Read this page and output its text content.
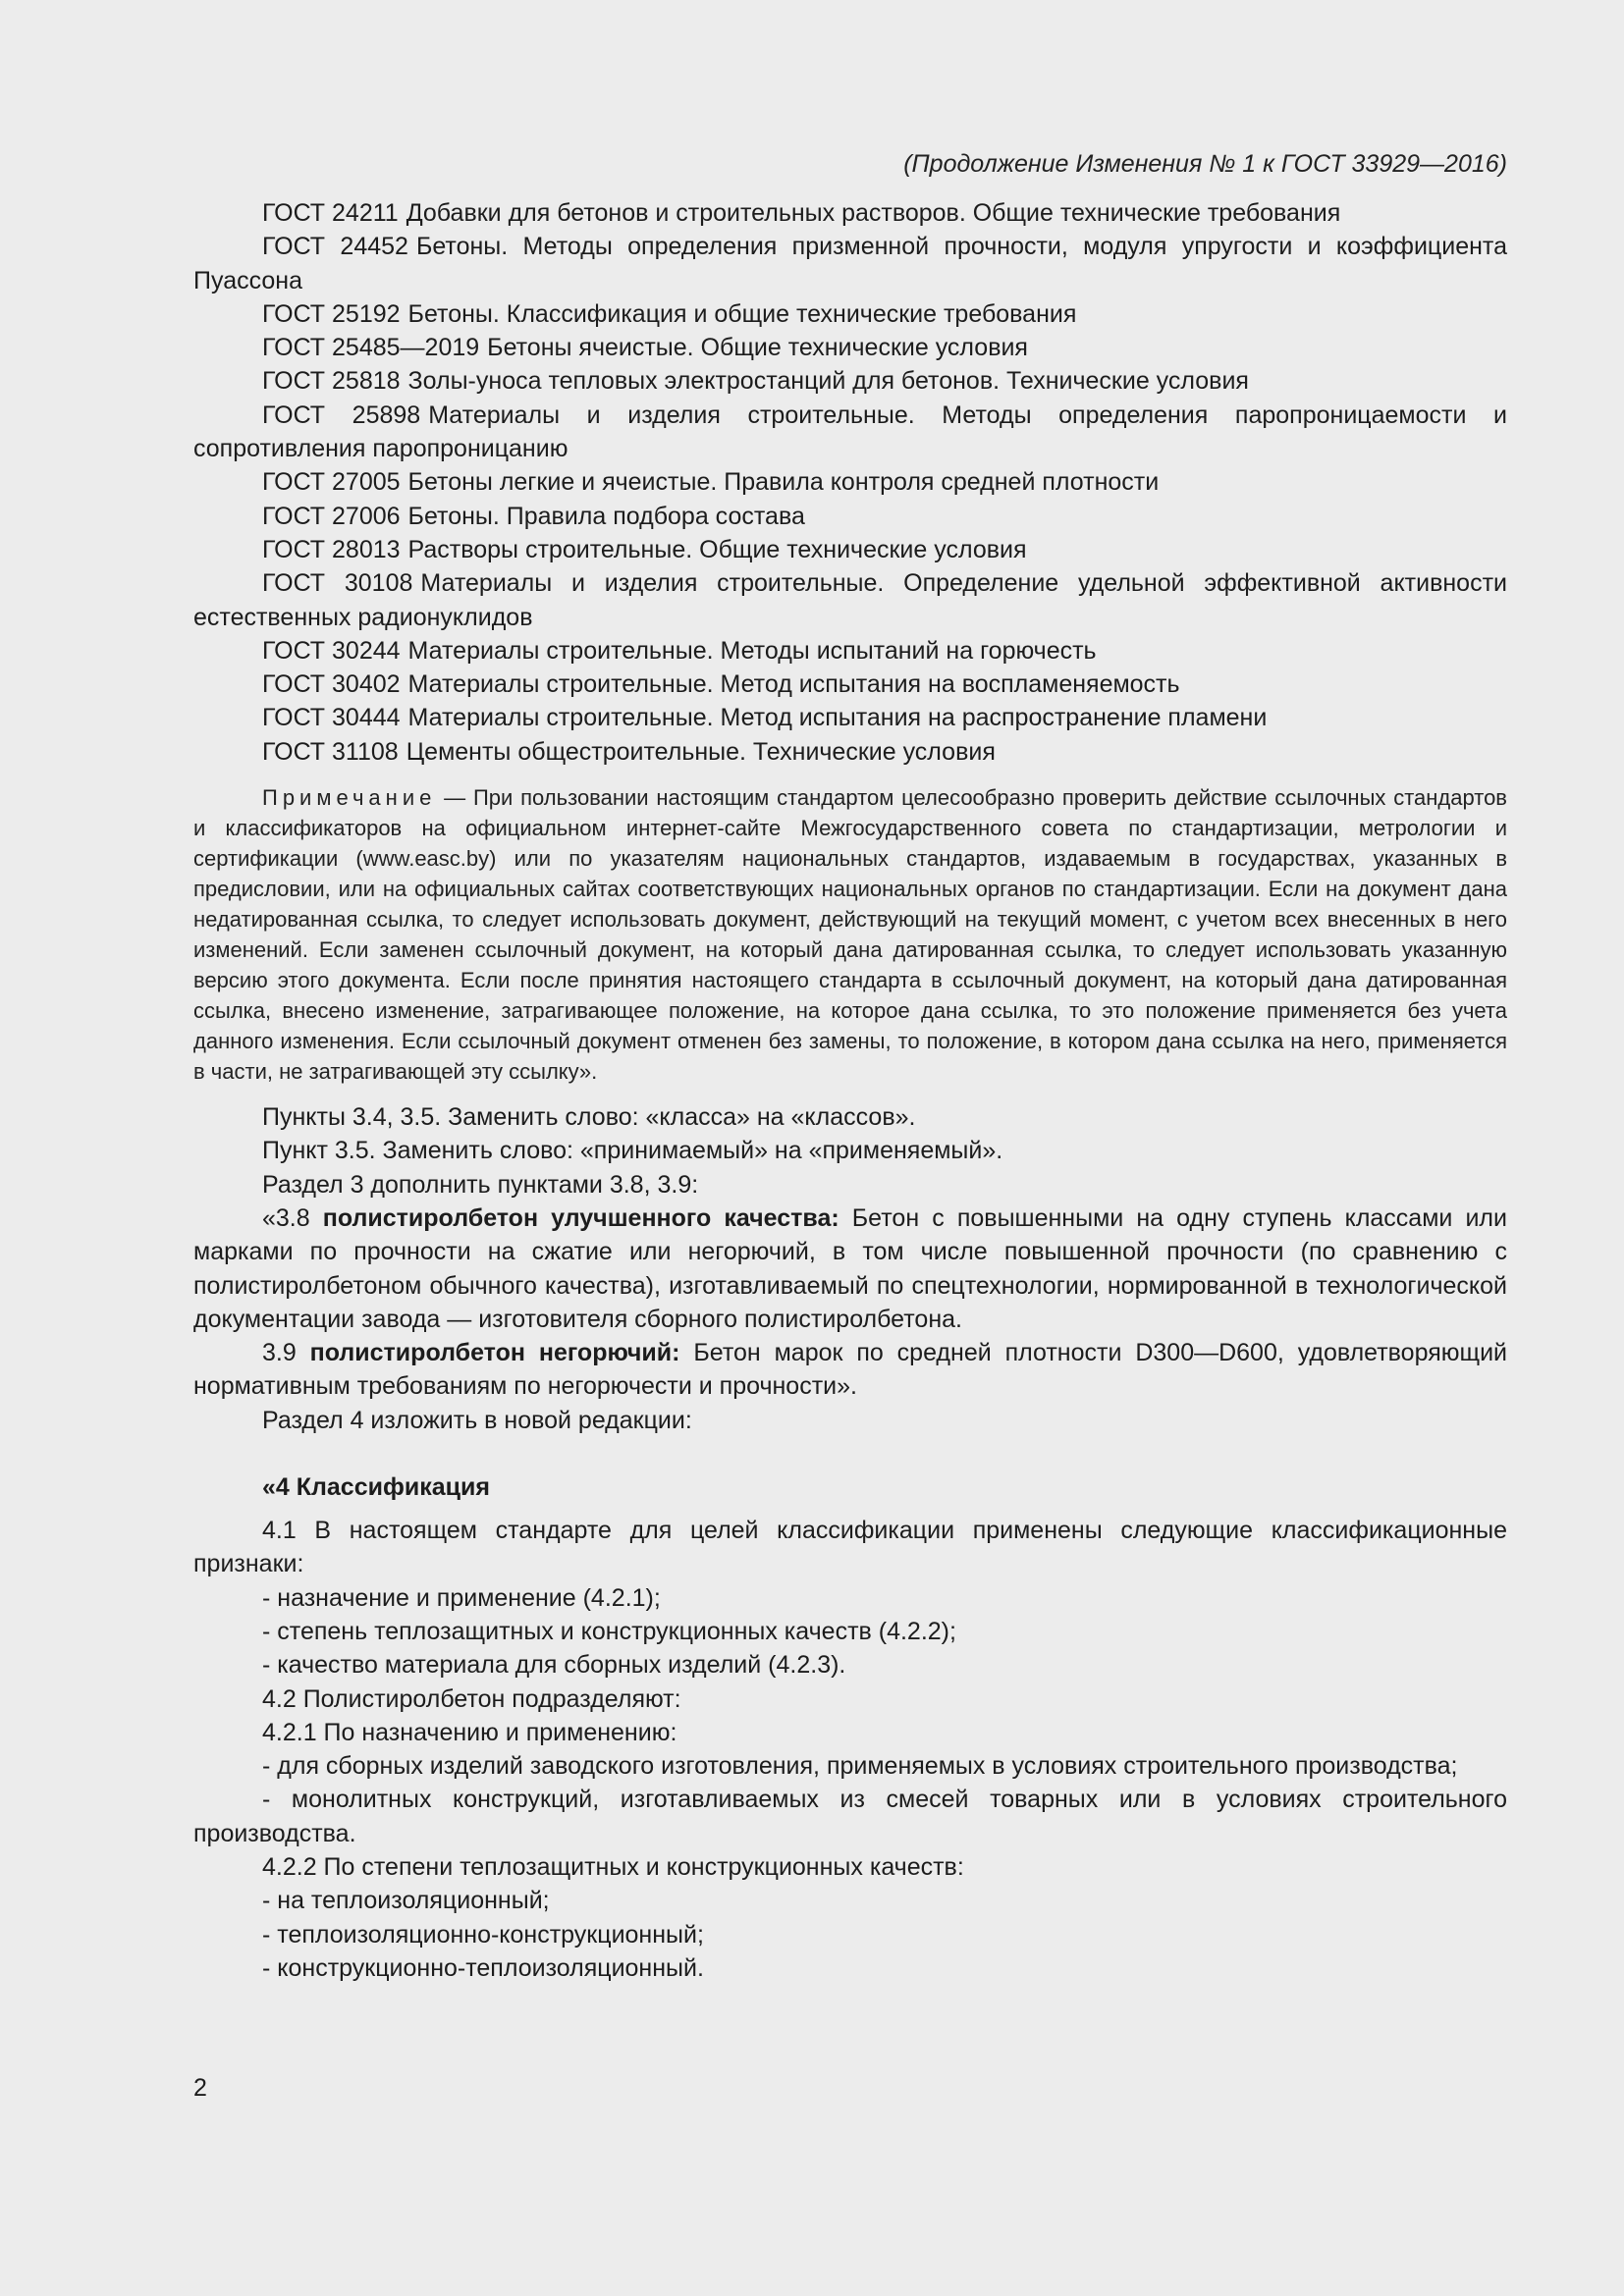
(Продолжение Изменения № 1 к ГОСТ 33929—2016)

ГОСТ 24211 Добавки для бетонов и строительных растворов. Общие технические требования

ГОСТ 24452 Бетоны. Методы определения призменной прочности, модуля упругости и коэффициента Пуассона

ГОСТ 25192 Бетоны. Классификация и общие технические требования

ГОСТ 25485—2019 Бетоны ячеистые. Общие технические условия

ГОСТ 25818 Золы-уноса тепловых электростанций для бетонов. Технические условия

ГОСТ 25898 Материалы и изделия строительные. Методы определения паропроницаемости и сопротивления паропроницанию

ГОСТ 27005 Бетоны легкие и ячеистые. Правила контроля средней плотности

ГОСТ 27006 Бетоны. Правила подбора состава

ГОСТ 28013 Растворы строительные. Общие технические условия

ГОСТ 30108 Материалы и изделия строительные. Определение удельной эффективной активности естественных радионуклидов

ГОСТ 30244 Материалы строительные. Методы испытаний на горючесть

ГОСТ 30402 Материалы строительные. Метод испытания на воспламеняемость

ГОСТ 30444 Материалы строительные. Метод испытания на распространение пламени

ГОСТ 31108 Цементы общестроительные. Технические условия

Примечание — При пользовании настоящим стандартом целесообразно проверить действие ссылочных стандартов и классификаторов на официальном интернет-сайте Межгосударственного совета по стандартизации, метрологии и сертификации (www.easc.by) или по указателям национальных стандартов, издаваемым в государствах, указанных в предисловии, или на официальных сайтах соответствующих национальных органов по стандартизации. Если на документ дана недатированная ссылка, то следует использовать документ, действующий на текущий момент, с учетом всех внесенных в него изменений. Если заменен ссылочный документ, на который дана датированная ссылка, то следует использовать указанную версию этого документа. Если после принятия настоящего стандарта в ссылочный документ, на который дана датированная ссылка, внесено изменение, затрагивающее положение, на которое дана ссылка, то это положение применяется без учета данного изменения. Если ссылочный документ отменен без замены, то положение, в котором дана ссылка на него, применяется в части, не затрагивающей эту ссылку».

Пункты 3.4, 3.5. Заменить слово: «класса» на «классов».

Пункт 3.5. Заменить слово: «принимаемый» на «применяемый».

Раздел 3 дополнить пунктами 3.8, 3.9:

«3.8 полистиролбетон улучшенного качества: Бетон с повышенными на одну ступень классами или марками по прочности на сжатие или негорючий, в том числе повышенной прочности (по сравнению с полистиролбетоном обычного качества), изготавливаемый по спецтехнологии, нормированной в технологической документации завода — изготовителя сборного полистиролбетона.

3.9 полистиролбетон негорючий: Бетон марок по средней плотности D300—D600, удовлетворяющий нормативным требованиям по негорючести и прочности».

Раздел 4 изложить в новой редакции:

«4 Классификация

4.1 В настоящем стандарте для целей классификации применены следующие классификационные признаки:

- назначение и применение (4.2.1);

- степень теплозащитных и конструкционных качеств (4.2.2);

- качество материала для сборных изделий (4.2.3).

4.2 Полистиролбетон подразделяют:

4.2.1 По назначению и применению:

- для сборных изделий заводского изготовления, применяемых в условиях строительного производства;

- монолитных конструкций, изготавливаемых из смесей товарных или в условиях строительного производства.

4.2.2 По степени теплозащитных и конструкционных качеств:

- на теплоизоляционный;

- теплоизоляционно-конструкционный;

- конструкционно-теплоизоляционный.

2
